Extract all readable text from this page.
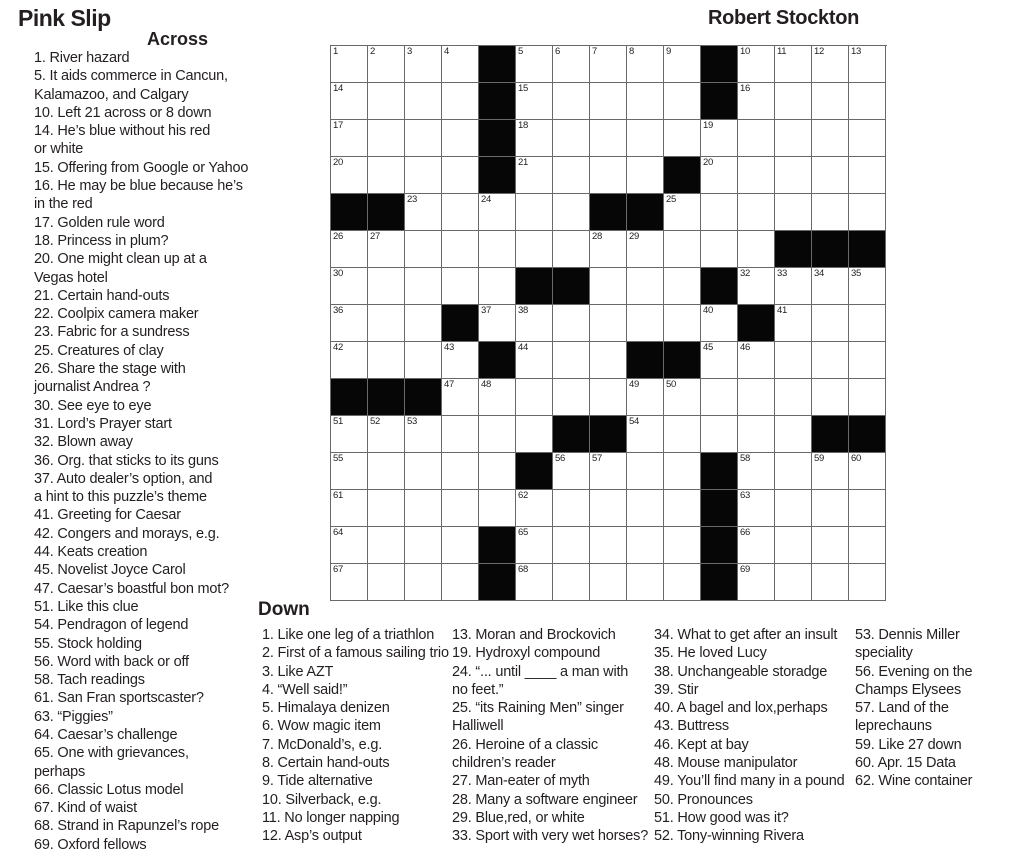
Pink Slip	Robert Stockton
Across
1. River hazard
5. It aids commerce in Cancun,
Kalamazoo, and Calgary
10. Left 21 across or 8 down
14. He’s blue without his red
or white
15. Offering from Google or Yahoo
16. He may be blue because he’s
in the red
17. Golden rule word
18. Princess in plum?
20. One might clean up at a
Vegas hotel
21. Certain hand-outs
22. Coolpix camera maker
23. Fabric for a sundress
25. Creatures of clay
26. Share the stage with
journalist Andrea ?
30. See eye to eye
31. Lord’s Prayer start
32. Blown away
36. Org. that sticks to its guns
37. Auto dealer’s option, and
a hint to this puzzle’s theme
41. Greeting for Caesar
42. Congers and morays, e.g.
44. Keats creation
45. Novelist Joyce Carol
47. Caesar’s boastful bon mot?
51. Like this clue
54. Pendragon of legend
55. Stock holding
56. Word with back or off
58. Tach readings
61. San Fran sportscaster?
63. “Piggies”
64. Caesar’s challenge
65. One with grievances,
perhaps
66. Classic Lotus model
67. Kind of waist
68. Strand in Rapunzel’s rope
69. Oxford fellows
1	2	3	4	5	6	7	8	9	10	11	12	13
14	15	16
17	18	19
20	21	20
23	24	25
26	27	28	29
30	32	33	34	35
36	37	38	40	41
42	43	44	45	46
47	48	49	50
51	52	53	54
55	56	57	58	59	60
61	62	63
64	65	66
67	68	69
Down
1. Like one leg of a triathlon
2. First of a famous sailing trio
3. Like AZT
4. “Well said!”
5. Himalaya denizen
6. Wow magic item
7. McDonald’s, e.g.
8. Certain hand-outs
9. Tide alternative
10. Silverback, e.g.
11. No longer napping
12. Asp’s output
13. Moran and Brockovich
19. Hydroxyl compound
24. “... until ____ a man with
no feet.”
25. “its Raining Men” singer
Halliwell
26. Heroine of a classic
children’s reader
27. Man-eater of myth
28. Many a software engineer
29. Blue,red, or white
33. Sport with very wet horses?
34. What to get after an insult
35. He loved Lucy
38. Unchangeable storadge
39. Stir
40. A bagel and lox,perhaps
43. Buttress
46. Kept at bay
48. Mouse manipulator
49. You’ll find many in a pound
50. Pronounces
51. How good was it?
52. Tony-winning Rivera
53. Dennis Miller
speciality
56. Evening on the
Champs Elysees
57. Land of the
leprechauns
59. Like 27 down
60. Apr. 15 Data
62. Wine container
